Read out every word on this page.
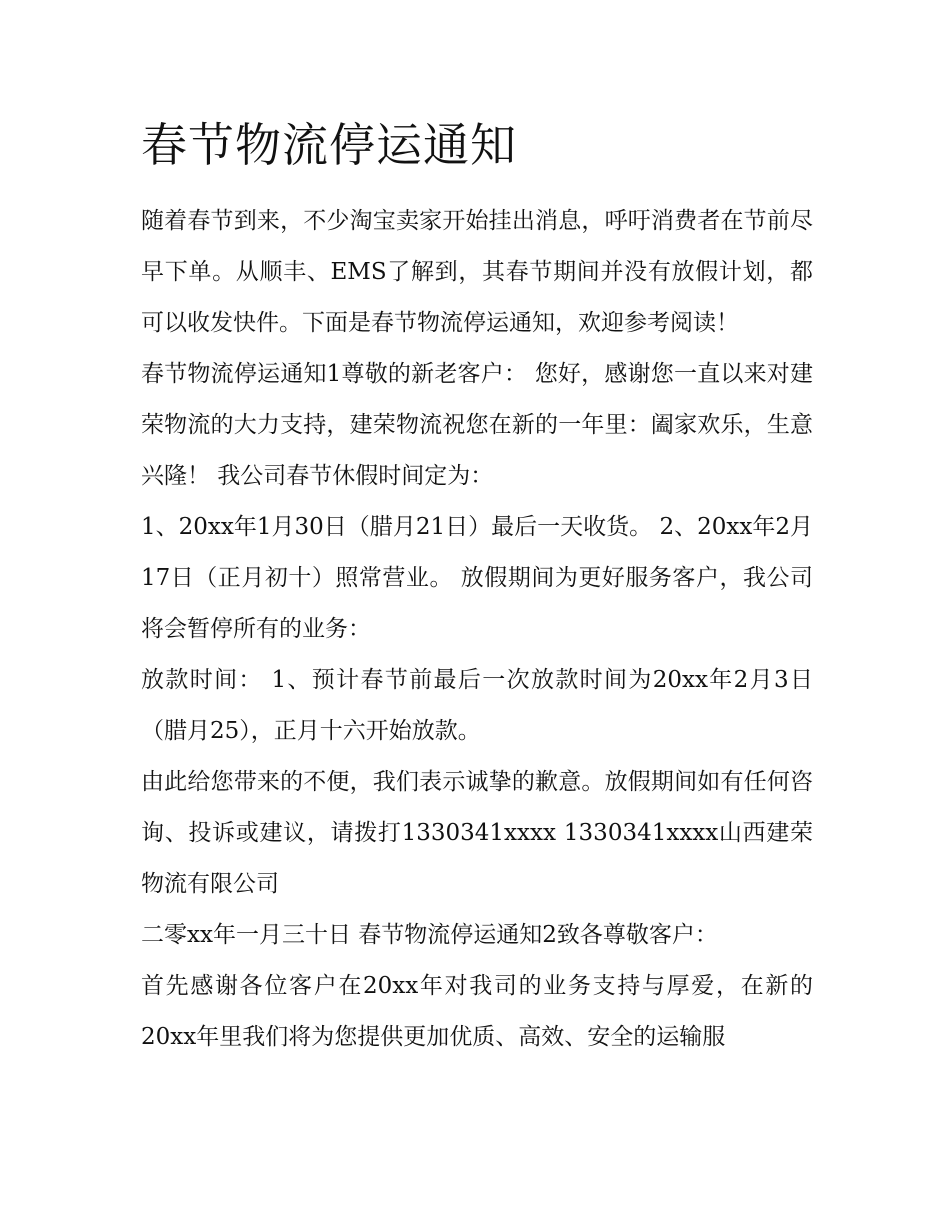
春节物流停运通知

随着春节到来，不少淘宝卖家开始挂出消息，呼吁消费者在节前尽早下单。从顺丰、EMS了解到，其春节期间并没有放假计划，都可以收发快件。下面是春节物流停运通知，欢迎参考阅读！

春节物流停运通知1尊敬的新老客户： 您好，感谢您一直以来对建荣物流的大力支持，建荣物流祝您在新的一年里：阖家欢乐，生意兴隆！ 我公司春节休假时间定为：

1、20xx年1月30日（腊月21日）最后一天收货。 2、20xx年2月17日（正月初十）照常营业。 放假期间为更好服务客户，我公司将会暂停所有的业务：

放款时间： 1、预计春节前最后一次放款时间为20xx年2月3日（腊月25），正月十六开始放款。

由此给您带来的不便，我们表示诚挚的歉意。放假期间如有任何咨询、投诉或建议，请拨打1330341xxxx 1330341xxxx山西建荣物流有限公司

二零xx年一月三十日 春节物流停运通知2致各尊敬客户：

首先感谢各位客户在20xx年对我司的业务支持与厚爱，在新的20xx年里我们将为您提供更加优质、高效、安全的运输服
